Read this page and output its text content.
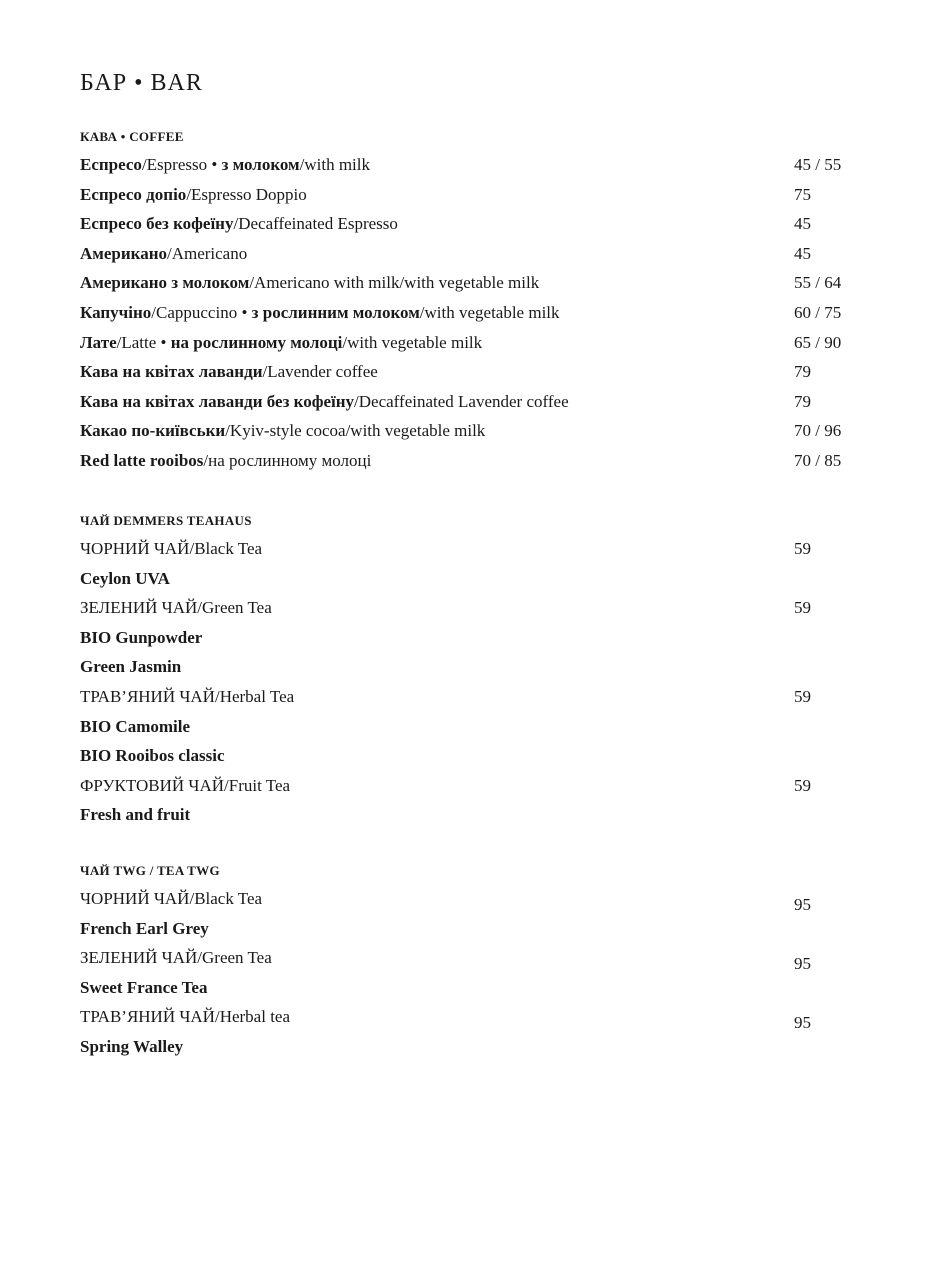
БАР • BAR
КАВА • COFFEE
Еспресо/Espresso • з молоком/with milk	45 / 55
Еспресо допіо/Espresso Doppio	75
Еспресо без кофеїну/Decaffeinated Espresso	45
Американо/Americano	45
Американо з молоком/Americano with milk/with vegetable milk	55 / 64
Капучіно/Cappuccino • з рослинним молоком/with vegetable milk	60 / 75
Лате/Latte • на рослинному молоці/with vegetable milk	65 / 90
Кава на квітах лаванди/Lavender coffee	79
Кава на квітах лаванди без кофеїну/Decaffeinated Lavender coffee	79
Какао по-київськи/Kyiv-style cocoa/with vegetable milk	70 / 96
Red latte rooibos/на рослинному молоці	70 / 85
ЧАЙ DEMMERS TEAHAUS
ЧОРНИЙ ЧАЙ/Black Tea	59
Ceylon UVA
ЗЕЛЕНИЙ ЧАЙ/Green Tea	59
BIO Gunpowder
Green Jasmin
ТРАВ’ЯНИЙ ЧАЙ/Herbal Tea	59
BIO Camomile
BIO Rooibos classic
ФРУКТОВИЙ ЧАЙ/Fruit Tea	59
Fresh and fruit
ЧАЙ TWG / TEA TWG
ЧОРНИЙ ЧАЙ/Black Tea	95
French Earl Grey
ЗЕЛЕНИЙ ЧАЙ/Green Tea	95
Sweet France Tea
ТРАВ’ЯНИЙ ЧАЙ/Herbal tea	95
Spring Walley
